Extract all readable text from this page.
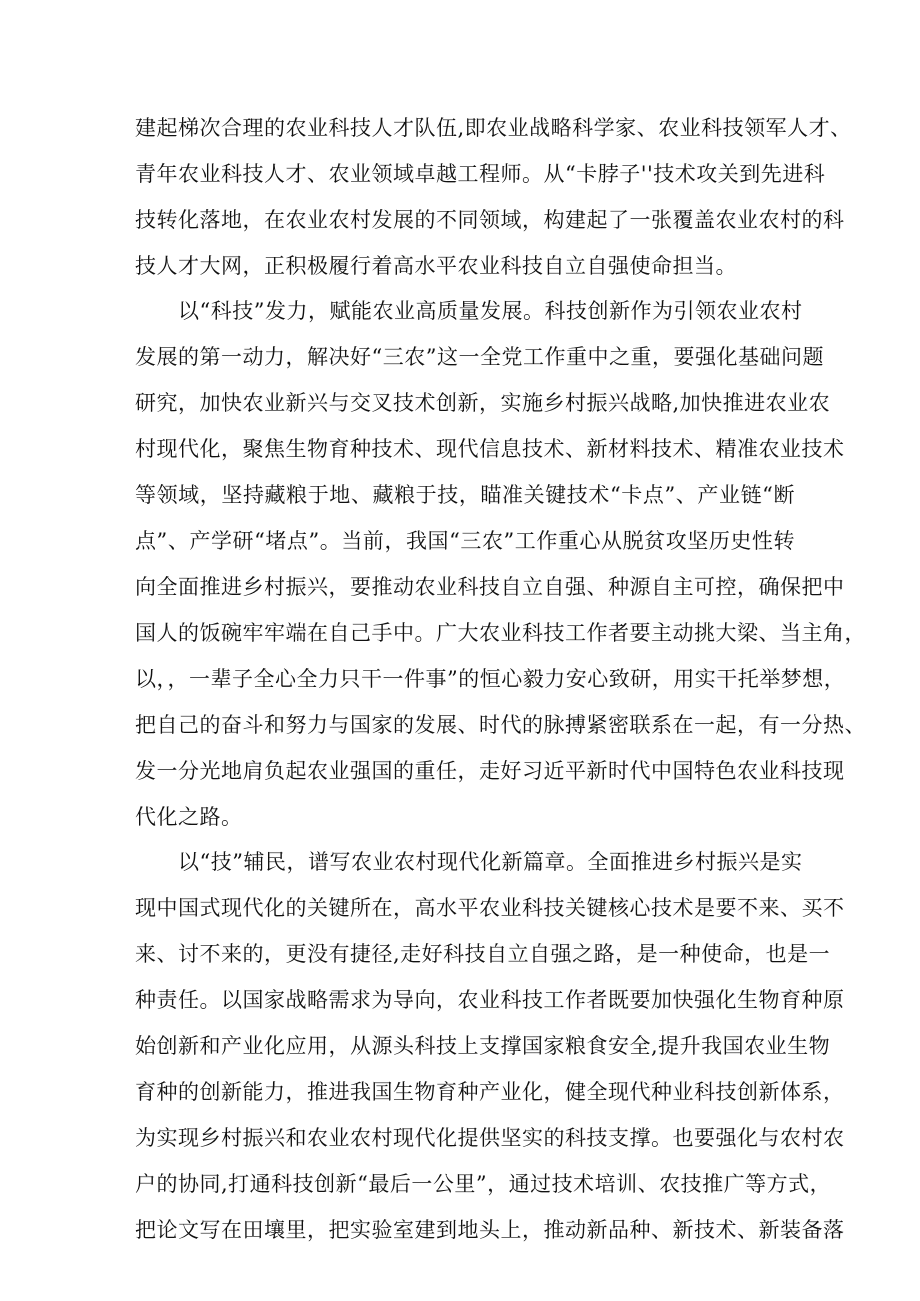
建起梯次合理的农业科技人才队伍,即农业战略科学家、农业科技领军人才、
青年农业科技人才、农业领域卓越工程师。从“卡脖子''技术攻关到先进科
技转化落地，在农业农村发展的不同领域，构建起了一张覆盖农业农村的科
技人才大网，正积极履行着高水平农业科技自立自强使命担当。
以“科技”发力，赋能农业高质量发展。科技创新作为引领农业农村
发展的第一动力，解决好“三农”这一全党工作重中之重，要强化基础问题
研究，加快农业新兴与交叉技术创新，实施乡村振兴战略,加快推进农业农
村现代化，聚焦生物育种技术、现代信息技术、新材料技术、精准农业技术
等领域，坚持藏粮于地、藏粮于技，瞄准关键技术“卡点”、产业链“断
点”、产学研“堵点”。当前，我国“三农”工作重心从脱贫攻坚历史性转
向全面推进乡村振兴，要推动农业科技自立自强、种源自主可控，确保把中
国人的饭碗牢牢端在自己手中。广大农业科技工作者要主动挑大梁、当主角，
以，，一辈子全心全力只干一件事”的恒心毅力安心致研，用实干托举梦想，
把自己的奋斗和努力与国家的发展、时代的脉搏紧密联系在一起，有一分热、
发一分光地肩负起农业强国的重任，走好习近平新时代中国特色农业科技现
代化之路。
以“技”辅民，谱写农业农村现代化新篇章。全面推进乡村振兴是实
现中国式现代化的关键所在，高水平农业科技关键核心技术是要不来、买不
来、讨不来的，更没有捷径,走好科技自立自强之路，是一种使命，也是一
种责任。以国家战略需求为导向，农业科技工作者既要加快强化生物育种原
始创新和产业化应用，从源头科技上支撑国家粮食安全,提升我国农业生物
育种的创新能力，推进我国生物育种产业化，健全现代种业科技创新体系，
为实现乡村振兴和农业农村现代化提供坚实的科技支撑。也要强化与农村农
户的协同,打通科技创新“最后一公里”，通过技术培训、农技推广等方式，
把论文写在田壤里，把实验室建到地头上，推动新品种、新技术、新装备落
